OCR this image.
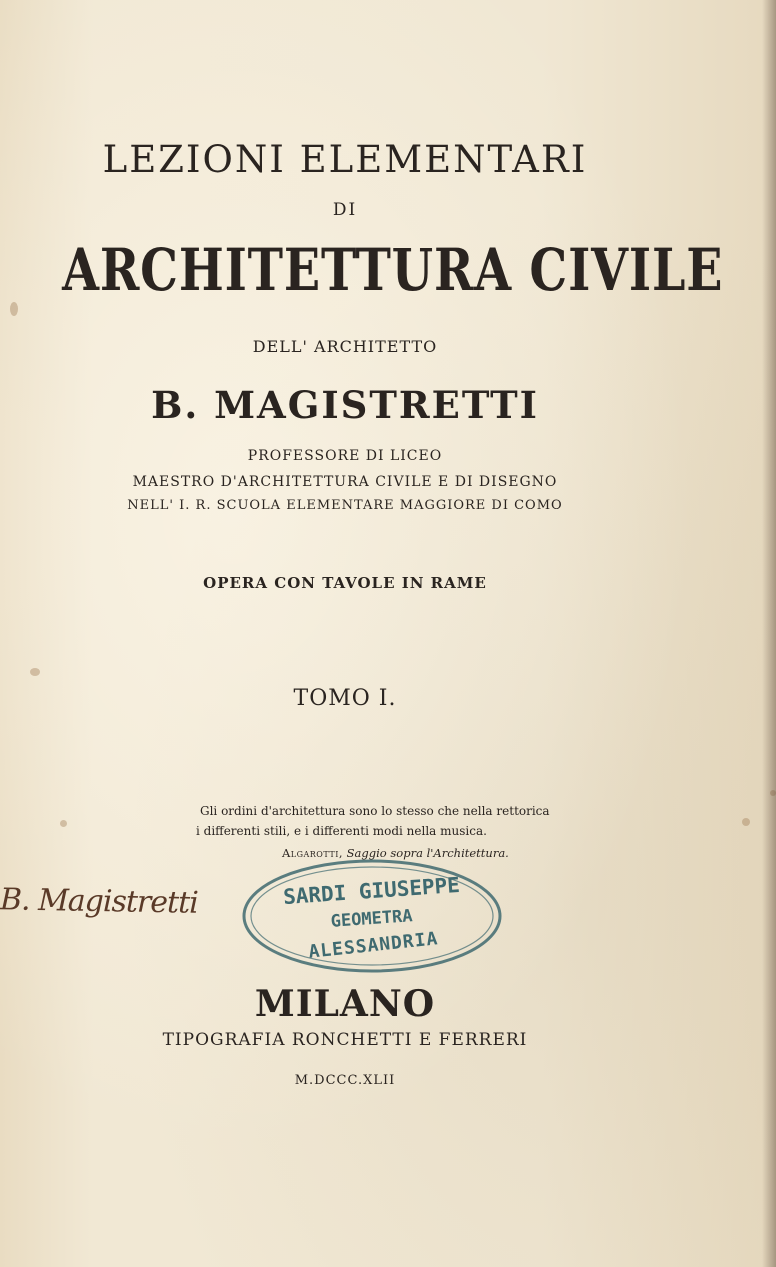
LEZIONI ELEMENTARI
DI
ARCHITETTURA CIVILE
DELL' ARCHITETTO
B. MAGISTRETTI
PROFESSORE DI LICEO
MAESTRO D'ARCHITETTURA CIVILE E DI DISEGNO
NELL' I. R. SCUOLA ELEMENTARE MAGGIORE DI COMO
OPERA CON TAVOLE IN RAME
TOMO I.
Gli ordini d'architettura sono lo stesso che nella rettorica
i differenti stili, e i differenti modi nella musica.
Algarotti, Saggio sopra l'Architettura.
B. Magistretti	SARDI GIUSEPPE
GEOMETRA
ALESSANDRIA
MILANO
TIPOGRAFIA RONCHETTI E FERRERI
M.DCCC.XLII
